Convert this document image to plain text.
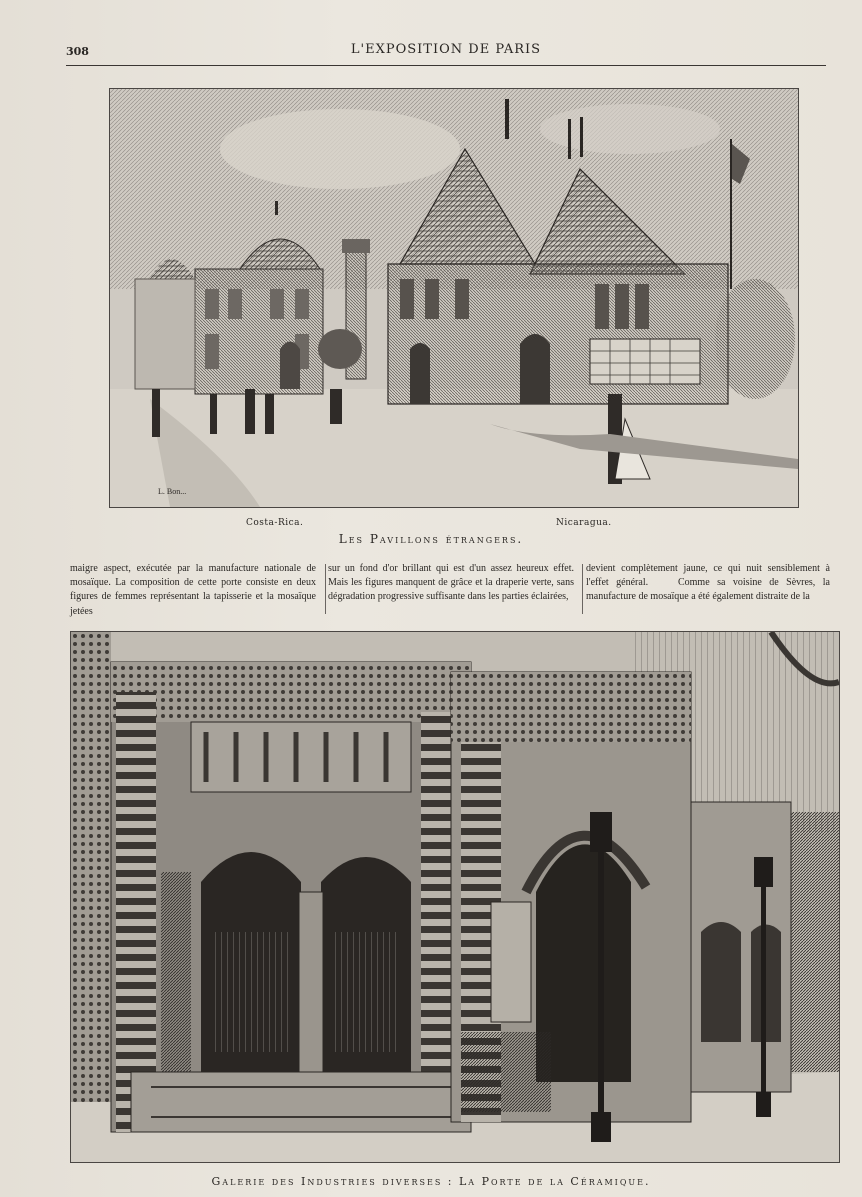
308	L'EXPOSITION DE PARIS
L. Bon...
Costa-Rica.	Nicaragua.
Les Pavillons étrangers.
maigre aspect, exécutée par la manufacture nationale de mosaïque. La composition de cette porte consiste en deux figures de femmes représentant la tapisserie et la mosaïque jetées
sur un fond d'or brillant qui est d'un assez heureux effet. Mais les figures manquent de grâce et la draperie verte, sans dégradation progressive suffisante dans les parties éclairées,
devient complètement jaune, ce qui nuit sensiblement à l'effet général.    Comme sa voisine de Sèvres, la manufacture de mosaïque a été également distraite de la
Galerie des Industries diverses : La Porte de la Céramique.
